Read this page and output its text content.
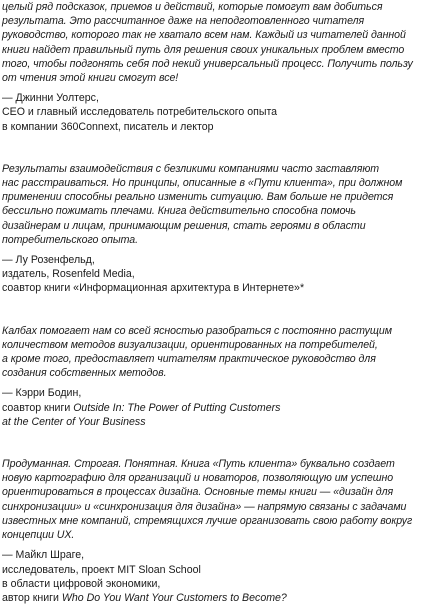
целый ряд подсказок, приемов и действий, которые помогут вам добиться
результата. Это рассчитанное даже на неподготовленного читателя
руководство, которого так не хватало всем нам. Каждый из читателей данной
книги найдет правильный путь для решения своих уникальных проблем вместо
того, чтобы подгонять себя под некий универсальный процесс. Получить пользу
от чтения этой книги смогут все!
— Джинни Уолтерс,
CEO и главный исследователь потребительского опыта
в компании 360Connext, писатель и лектор
Результаты взаимодействия с безликими компаниями часто заставляют
нас расстраиваться. Но принципы, описанные в «Пути клиента», при должном
применении способны реально изменить ситуацию. Вам больше не придется
бессильно пожимать плечами. Книга действительно способна помочь
дизайнерам и лицам, принимающим решения, стать героями в области
потребительского опыта.
— Лу Розенфельд,
издатель, Rosenfeld Media,
соавтор книги «Информационная архитектура в Интернете»*
Калбах помогает нам со всей ясностью разобраться с постоянно растущим
количеством методов визуализации, ориентированных на потребителей,
а кроме того, предоставляет читателям практическое руководство для
создания собственных методов.
— Кэрри Бодин,
соавтор книги Outside In: The Power of Putting Customers
at the Center of Your Business
Продуманная. Строгая. Понятная. Книга «Путь клиента» буквально создает
новую картографию для организаций и новаторов, позволяющую им успешно
ориентироваться в процессах дизайна. Основные темы книги — «дизайн для
синхронизации» и «синхронизация для дизайна» — напрямую связаны с задачами
известных мне компаний, стремящихся лучше организовать свою работу вокруг
концепции UX.
— Майкл Шраге,
исследователь, проект MIT Sloan School
в области цифровой экономики,
автор книги Who Do You Want Your Customers to Become?
